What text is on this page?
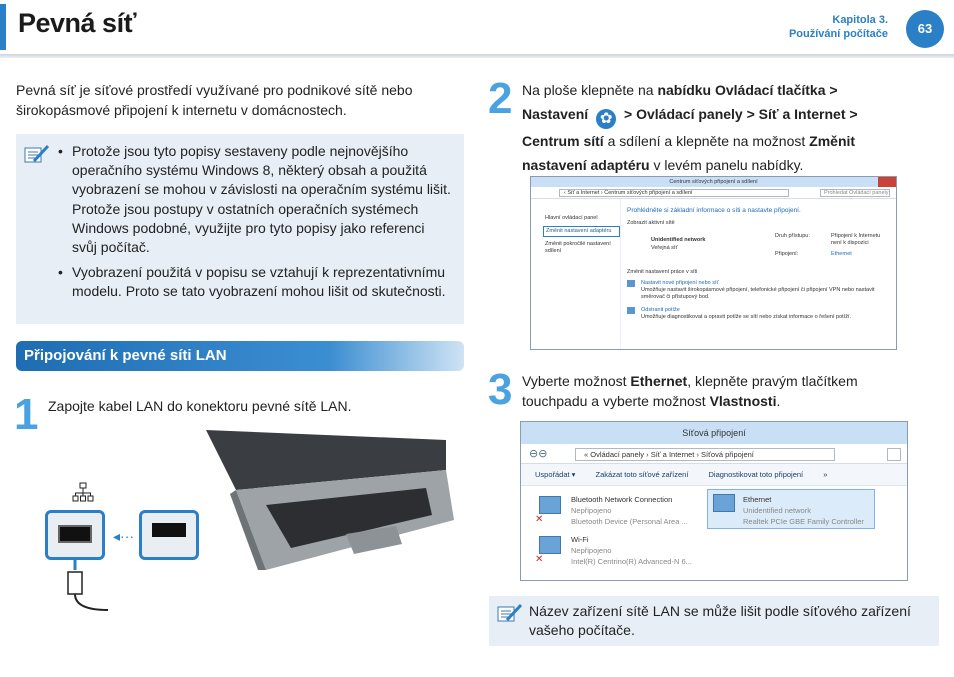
Pevná síť	Kapitola 3.
Používání počítače	63
Pevná síť je síťové prostředí využívané pro podnikové sítě nebo širokopásmové připojení k internetu v domácnostech.
• Protože jsou tyto popisy sestaveny podle nejnovějšího operačního systému Windows 8, některý obsah a použitá vyobrazení se mohou v závislosti na operačním systému lišit. Protože jsou postupy v ostatních operačních systémech Windows podobné, využijte pro tyto popisy jako referenci svůj počítač.
• Vyobrazení použitá v popisu se vztahují k reprezentativnímu modelu. Proto se tato vyobrazení mohou lišit od skutečnosti.
Připojování k pevné síti LAN
1 Zapojte kabel LAN do konektoru pevné sítě LAN.
◂···
2 Na ploše klepněte na nabídku Ovládací tlačítka >
Nastavení ✿ > Ovládací panely > Síť a Internet >
Centrum sítí a sdílení a klepněte na možnost Změnit nastavení adaptéru v levém panelu nabídky.
Centrum síťových připojení a sdílení
‹ Síť a Internet › Centrum síťových připojení a sdílení	Prohledat Ovládací panely
Hlavní ovládací panel
Změnit nastavení adaptéru
Změnit pokročilé nastavení sdílení
Prohlédněte si základní informace o síti a nastavte připojení.
Zobrazit aktivní sítě
Unidentified network
Veřejná síť
Druh přístupu:	Připojení k Internetu není k dispozici
Připojení:	Ethernet
Změnit nastavení práce v síti
Nastavit nové připojení nebo síť
Umožňuje nastavit širokopásmové připojení, telefonické připojení či připojení VPN nebo nastavit směrovač či přístupový bod.
Odstranit potíže
Umožňuje diagnostikovat a opravit potíže se sítí nebo získat informace o řešení potíží.
3 Vyberte možnost Ethernet, klepněte pravým tlačítkem touchpadu a vyberte možnost Vlastnosti.
Síťová připojení
⊖⊖	« Ovládací panely › Síť a Internet › Síťová připojení
Uspořádat ▾	Zakázat toto síťové zařízení	Diagnostikovat toto připojení	»
✕
Bluetooth Network Connection
Nepřipojeno
Bluetooth Device (Personal Area ...
Ethernet
Unidentified network
Realtek PCIe GBE Family Controller
✕
Wi-Fi
Nepřipojeno
Intel(R) Centrino(R) Advanced-N 6...
Název zařízení sítě LAN se může lišit podle síťového zařízení vašeho počítače.
